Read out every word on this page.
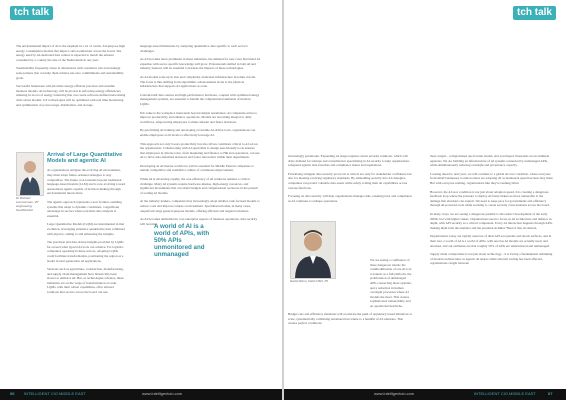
tch talk

The environmental impact of AI is the elephant in a lot of rooms. All-purpose high energy consumption models that impact carbon emissions across the board. The energy used by AI-dedicated data centres is expected to match the amount consumed by a country the size of the Netherlands in one year.

Sustainability frequently arises in discussions with customers who increasingly seek partners that can help them achieve net-zero commitments and sustainability goals.

Successful businesses will prioritise energy-efficient practices and sensible business models. AI technology will be pivotal in enforcing energy efficiencies, ushering in an era of energy balancing that can create software-defined networking with robust models. IoT technologies will be optimised with real time monitoring and optimisation of power usage, distribution, and storage.

Dr Richard Lemmerman, VP engineering, GeoPlexHub
Arrival of Large Quantitative Models and agentic AI

As organisations navigate the evolving AI environment, they must adopt future-oriented strategies to stay competitive. The future of AI extends beyond traditional language-based models (LLM) and is now evolving toward autonomous agents capable of decision-making through environmental interactions.

The agentic approach represents a new frontier, enabling systems that adapt to dynamic conditions, a significant advantage in sectors where real-time data analysis is essential.

Large Quantitative Models (LQM) are instrumental in that evolution, leveraging extensive quantitative data combined with physics, adding to and enhancing the insights.

The precision and data-driven insights provided by LQMs far exceed what typical AI tools can achieve. For logistics companies operating in these sectors, adopting LQMs could facilitate transformation, positioning the region as a leader in next-generation AI applications.

Verticals such as agriculture, construction, manufacturing, and supply chain management have historically been slower to embrace AI. But, as technologies advance, these industries are on the verge of transformation at scale. LQMs, with their robust capabilities, offer tailored solutions that sectors across the board can use.

language-based limitations by analysing quantitative data specific to each sector's challenges.

As AI becomes more prominent in these industries, the demand for new roles that blend AI expertise with sector-specific knowledge will grow. Professionals skilled in both AI and industry nuances will be essential to harness the impacts of these technologies.

As AI models scale up in size and complexity, dedicated infrastructure becomes crucial. The focus is thus shifting from algorithmic advancements alone to the physical infrastructure that supports AI applications at scale.

Custom-built data centres and high-performance hardware, coupled with optimised energy management systems, are essential to handle the computational demands of modern LQMs.

IOs value is the workplace transcends beyond simple automation. AI companies strive to improve productivity and enhance operations. Models are becoming integral to daily workflows, empowering employees to make smarter and faster decisions.

By prioritising AI training and developing accessible AI-driven tools, organisations can enable employees at all levels to effectively leverage AI.

This approach not only boosts productivity but also drives conditions critical to AI across the organisation. Collaborating with AI specialists to design user-friendly tools ensures that employees in diverse roles, from marketing and finance to HR and operations, can use AI to drive data-informed decisions and foster innovation within their departments.

Developing an AI literate workforce will be essential for Middle Eastern companies to remain competitive and establish a culture of continuous improvement.

While AI is advancing rapidly, the cost-efficiency of AI solutions remains a critical challenge. Many AI systems require hardware-intense, high-energy resources, and significant investments that can strain budgets and computational resources in the pursuit of scaling AI models.

At the industry leaders, companies may increasingly adopt smaller, task-focused models to reduce costs and improve returns on investment. Specialised models, in many cases, outperform large general-purpose models, offering efficient and targeted solutions.

As AI becomes embedded in core enterprise aspects of business operations, data security will become

06 INTELLIGENT CIO MIDDLE EAST	www.intelligentcio.com
tch talk

increasingly paramount. Expanding AI usage requires robust security solutions, which will drive demand for startups and consultancies specialising in AI security to help organisations safeguard against data breaches and compliance issues and regulations.

Prioritising stringent data security protocols is critical not only for stakeholder confidence but also for meeting evolving regulatory standards. By embedding security into AI strategies, companies can protect valuable data assets while safely scaling their AI capabilities across various functions.

Focusing on data security will help organisations manage risks, ensuring trust and compliance as AI continues to reshape operations.

David Warm, Field CISO, F5
A world of AI is a world of APIs, with 50% APIs unmonitored and unmanaged

We are seeing a confluence of three dangerous trends: the commoditisation of one AI tool to launch as a full platform, the proliferation of unmanaged APIs connecting these systems, and a reduction in human oversight processes where AI models the most. This creates sophisticated vulnerability and an operational headache.

Budget cuts and efficiency mandates will accelerate the push of regulatory-based initiatives at scale, systematically combining automated but where to a handful of AI solutions. This creates perfect conditions

more targets - compromised one frontier model, and you impact thousands across multiple agencies. We are building an infrastructure of AI systems connected by unmanaged APIs, while simultaneously reducing oversight and governance capacity.

Looking ahead to next year, we will continue to a global AI race condition, where everyone from small businesses to nation-states are adopting AI as breakneck speed because they must. But with everyone rushing, organisations like they're running blind.

However, the AI race condition is not just about adoption speed. It is creating a dangerous feedback loop where the pressure to deploy AI faster makes us more vulnerable to the damage that attackers can exploit. We need to keep pace for governments and efficiency through AI-powered tools while working to create security consciousness across the board.

In many ways, we are seeing a dangerous parallel to the restrict development of the early 2000s, but with higher stakes. Organisations need to focus on AI architecture and defence in depth, with API security as a critical component. Every AI interaction happens through APIs, making them both the enablers and the potential Achilles' Heel of this revolution.

Organisations today are rapidly unaware of their API ecosystems and attack surfaces, and in their rest, a world of AI is a world of APIs, with one has AI models are actually used, and attacked, and our estimates are that roughly 50% of APIs are unmonitored and unmanaged.

Supply chain compromise is not just about technology - it is facing a fundamental rethinking of modern architectures as agentic AI shares while external tooling has been affected, organisations caught between

www.intelligentcio.com	INTELLIGENT CIO MIDDLE EAST	07
